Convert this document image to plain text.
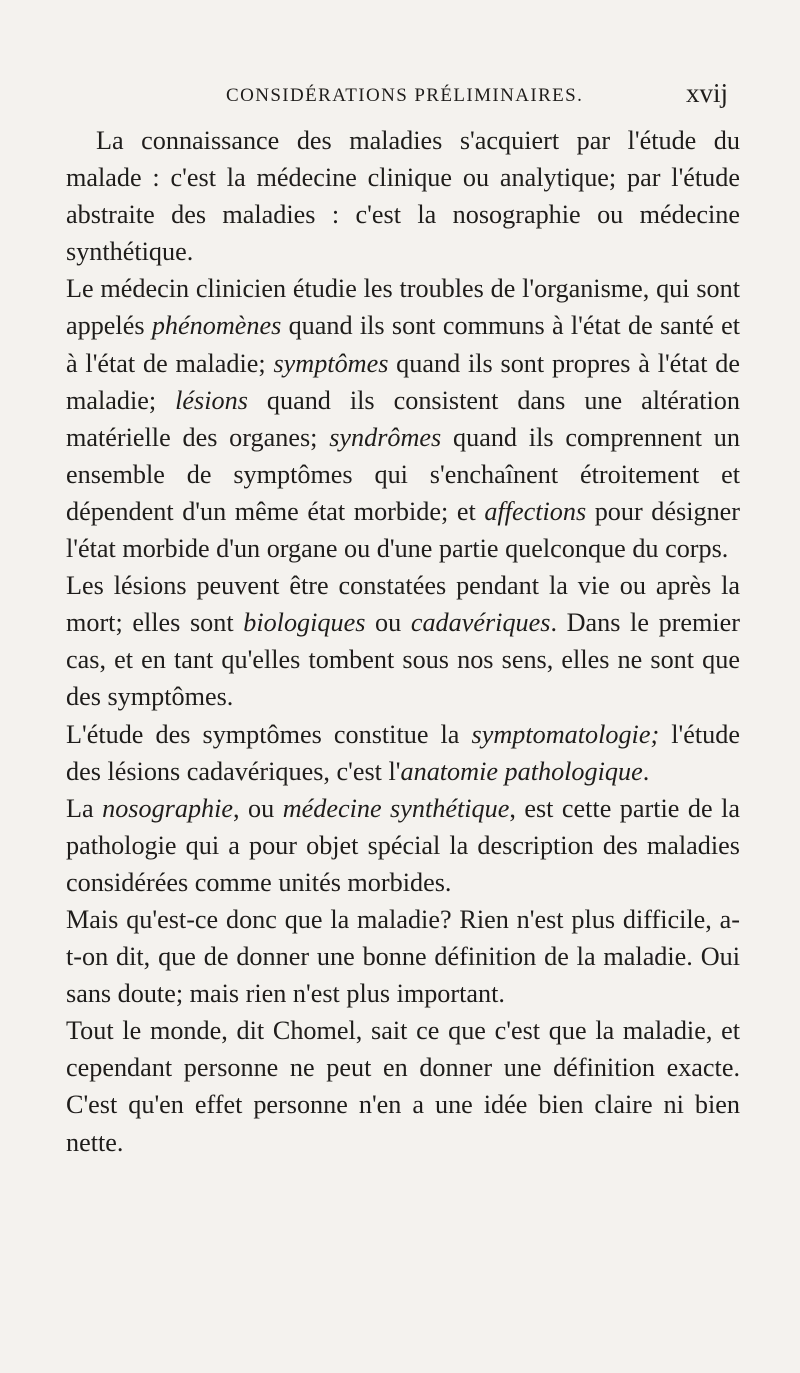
CONSIDÉRATIONS PRÉLIMINAIRES.	xvij

La connaissance des maladies s'acquiert par l'étude du malade : c'est la médecine clinique ou analytique; par l'étude abstraite des maladies : c'est la nosographie ou médecine synthétique.

Le médecin clinicien étudie les troubles de l'organisme, qui sont appelés phénomènes quand ils sont communs à l'état de santé et à l'état de maladie; symptômes quand ils sont propres à l'état de maladie; lésions quand ils consistent dans une altération matérielle des organes; syndrômes quand ils comprennent un ensemble de symptômes qui s'enchaînent étroitement et dépendent d'un même état morbide; et affections pour désigner l'état morbide d'un organe ou d'une partie quelconque du corps.

Les lésions peuvent être constatées pendant la vie ou après la mort; elles sont biologiques ou cadavériques. Dans le premier cas, et en tant qu'elles tombent sous nos sens, elles ne sont que des symptômes.

L'étude des symptômes constitue la symptomatologie; l'étude des lésions cadavériques, c'est l'anatomie pathologique.

La nosographie, ou médecine synthétique, est cette partie de la pathologie qui a pour objet spécial la description des maladies considérées comme unités morbides.

Mais qu'est-ce donc que la maladie? Rien n'est plus difficile, a-t-on dit, que de donner une bonne définition de la maladie. Oui sans doute; mais rien n'est plus important.

Tout le monde, dit Chomel, sait ce que c'est que la maladie, et cependant personne ne peut en donner une définition exacte. C'est qu'en effet personne n'en a une idée bien claire ni bien nette.
